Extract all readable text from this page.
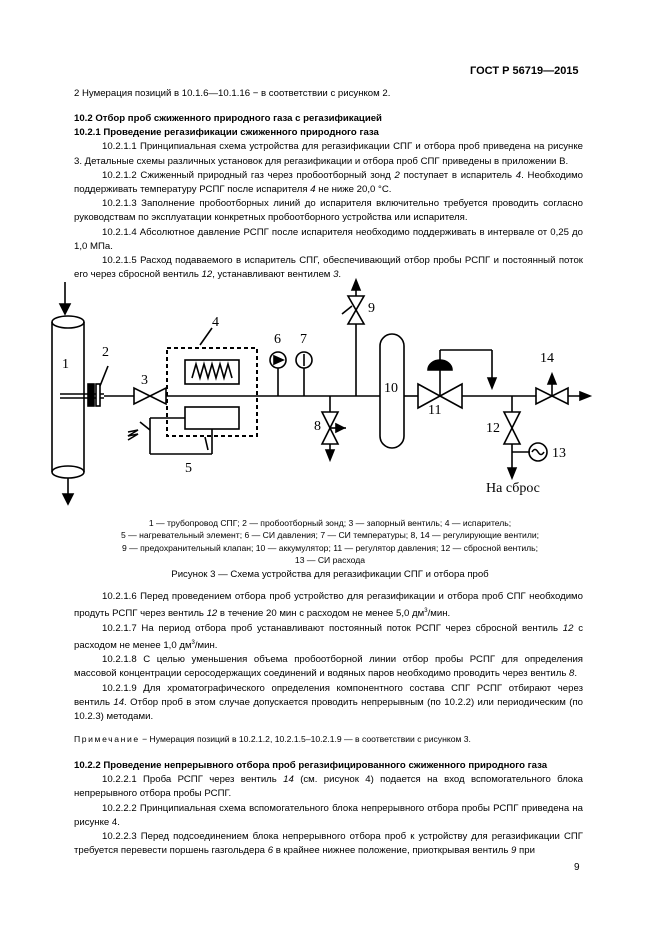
ГОСТ Р 56719—2015

2 Нумерация позиций в 10.1.6—10.1.16 − в соответствии с рисунком 2.

10.2 Отбор проб сжиженного природного газа с регазификацией

10.2.1 Проведение регазификации сжиженного природного газа

10.2.1.1 Принципиальная схема устройства для регазификации СПГ и отбора проб приведена на рисунке 3. Детальные схемы различных установок для регазификации и отбора проб СПГ приведены в приложении В.

10.2.1.2 Сжиженный природный газ через пробоотборный зонд 2 поступает в испаритель 4. Необходимо поддерживать температуру РСПГ после испарителя 4 не ниже 20,0 °С.

10.2.1.3 Заполнение пробоотборных линий до испарителя включительно требуется проводить согласно руководствам по эксплуатации конкретных пробоотборного устройства или испарителя.

10.2.1.4 Абсолютное давление РСПГ после испарителя необходимо поддерживать в интервале от 0,25 до 1,0 МПа.

10.2.1.5 Расход подаваемого в испаритель СПГ, обеспечивающий отбор пробы РСПГ и постоянный поток его через сбросной вентиль 12, устанавливают вентилем 3.

1
2
3
4
5
6 7
9
8
10
11
12
13
На сброс
14
1 — трубопровод СПГ; 2 — пробоотборный зонд; 3 — запорный вентиль; 4 — испаритель;
5 — нагревательный элемент; 6 — СИ давления; 7 — СИ температуры; 8, 14 — регулирующие вентили;
9 — предохранительный клапан; 10 — аккумулятор; 11 — регулятор давления; 12 — сбросной вентиль;
13 — СИ расхода
Рисунок 3 — Схема устройства для регазификации СПГ и отбора проб

10.2.1.6 Перед проведением отбора проб устройство для регазификации и отбора проб СПГ необходимо продуть РСПГ через вентиль 12 в течение 20 мин с расходом не менее 5,0 $дм^3$/мин.

10.2.1.7 На период отбора проб устанавливают постоянный поток РСПГ через сбросной вентиль 12 с расходом не менее 1,0 $дм^3$/мин.

10.2.1.8 С целью уменьшения объема пробоотборной линии отбор пробы РСПГ для определения массовой концентрации серосодержащих соединений и водяных паров необходимо проводить через вентиль 8.

10.2.1.9 Для хроматографического определения компонентного состава СПГ РСПГ отбирают через вентиль 14. Отбор проб в этом случае допускается проводить непрерывным (по 10.2.2) или периодическим (по 10.2.3) методами.

Примечание − Нумерация позиций в 10.2.1.2, 10.2.1.5–10.2.1.9 — в соответствии с рисунком 3.

10.2.2 Проведение непрерывного отбора проб регазифицированного сжиженного природного газа

10.2.2.1 Проба РСПГ через вентиль 14 (см. рисунок 4) подается на вход вспомогательного блока непрерывного отбора пробы РСПГ.

10.2.2.2 Принципиальная схема вспомогательного блока непрерывного отбора пробы РСПГ приведена на рисунке 4.

10.2.2.3 Перед подсоединением блока непрерывного отбора проб к устройству для регазификации СПГ требуется перевести поршень газгольдера 6 в крайнее нижнее положение, приоткрывая вентиль 9 при

9
